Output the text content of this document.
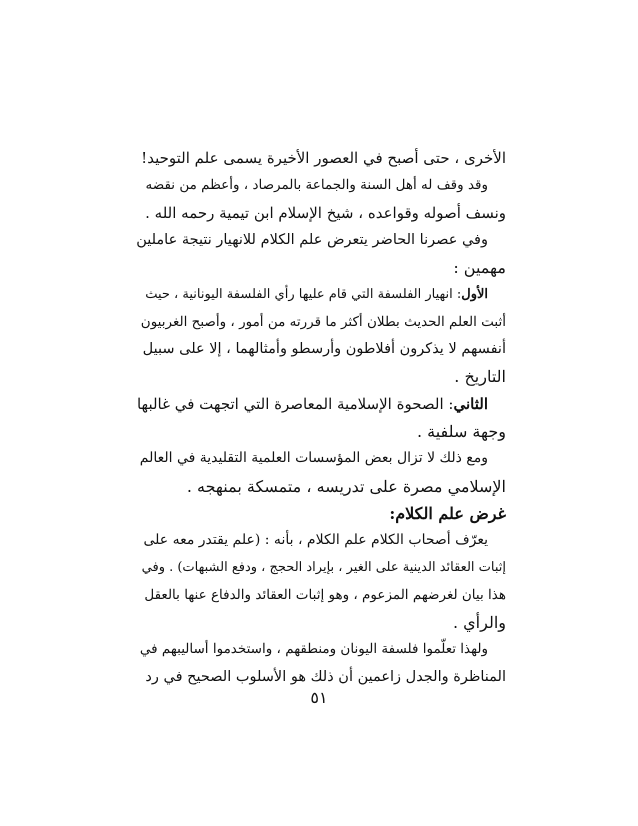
الأخرى ، حتى أصبح في العصور الأخيرة يسمى علم التوحيد!
وقد وقف له أهل السنة والجماعة بالمرصاد ، وأعظم من نقضه
ونسف أصوله وقواعده ، شيخ الإسلام ابن تيمية رحمه الله .
وفي عصرنا الحاضر يتعرض علم الكلام للانهيار نتيجة عاملين
مهمين :
الأول: انهيار الفلسفة التي قام عليها رأي الفلسفة اليونانية ، حيث
أثبت العلم الحديث بطلان أكثر ما قررته من أمور ، وأصبح الغربيون
أنفسهم لا يذكرون أفلاطون وأرسطو وأمثالهما ، إلا على سبيل
التاريخ .
الثاني: الصحوة الإسلامية المعاصرة التي اتجهت في غالبها
وجهة سلفية .
ومع ذلك لا تزال بعض المؤسسات العلمية التقليدية في العالم
الإسلامي مصرة على تدريسه ، متمسكة بمنهجه .
غرض علم الكلام:
يعرّف أصحاب الكلام علم الكلام ، بأنه : (علم يقتدر معه على
إثبات العقائد الدينية على الغير ، بإيراد الحجج ، ودفع الشبهات) . وفي
هذا بيان لغرضهم المزعوم ، وهو إثبات العقائد والدفاع عنها بالعقل
والرأي .
ولهذا تعلّموا فلسفة اليونان ومنطقهم ، واستخدموا أساليبهم في
المناظرة والجدل زاعمين أن ذلك هو الأسلوب الصحيح في رد
٥١
